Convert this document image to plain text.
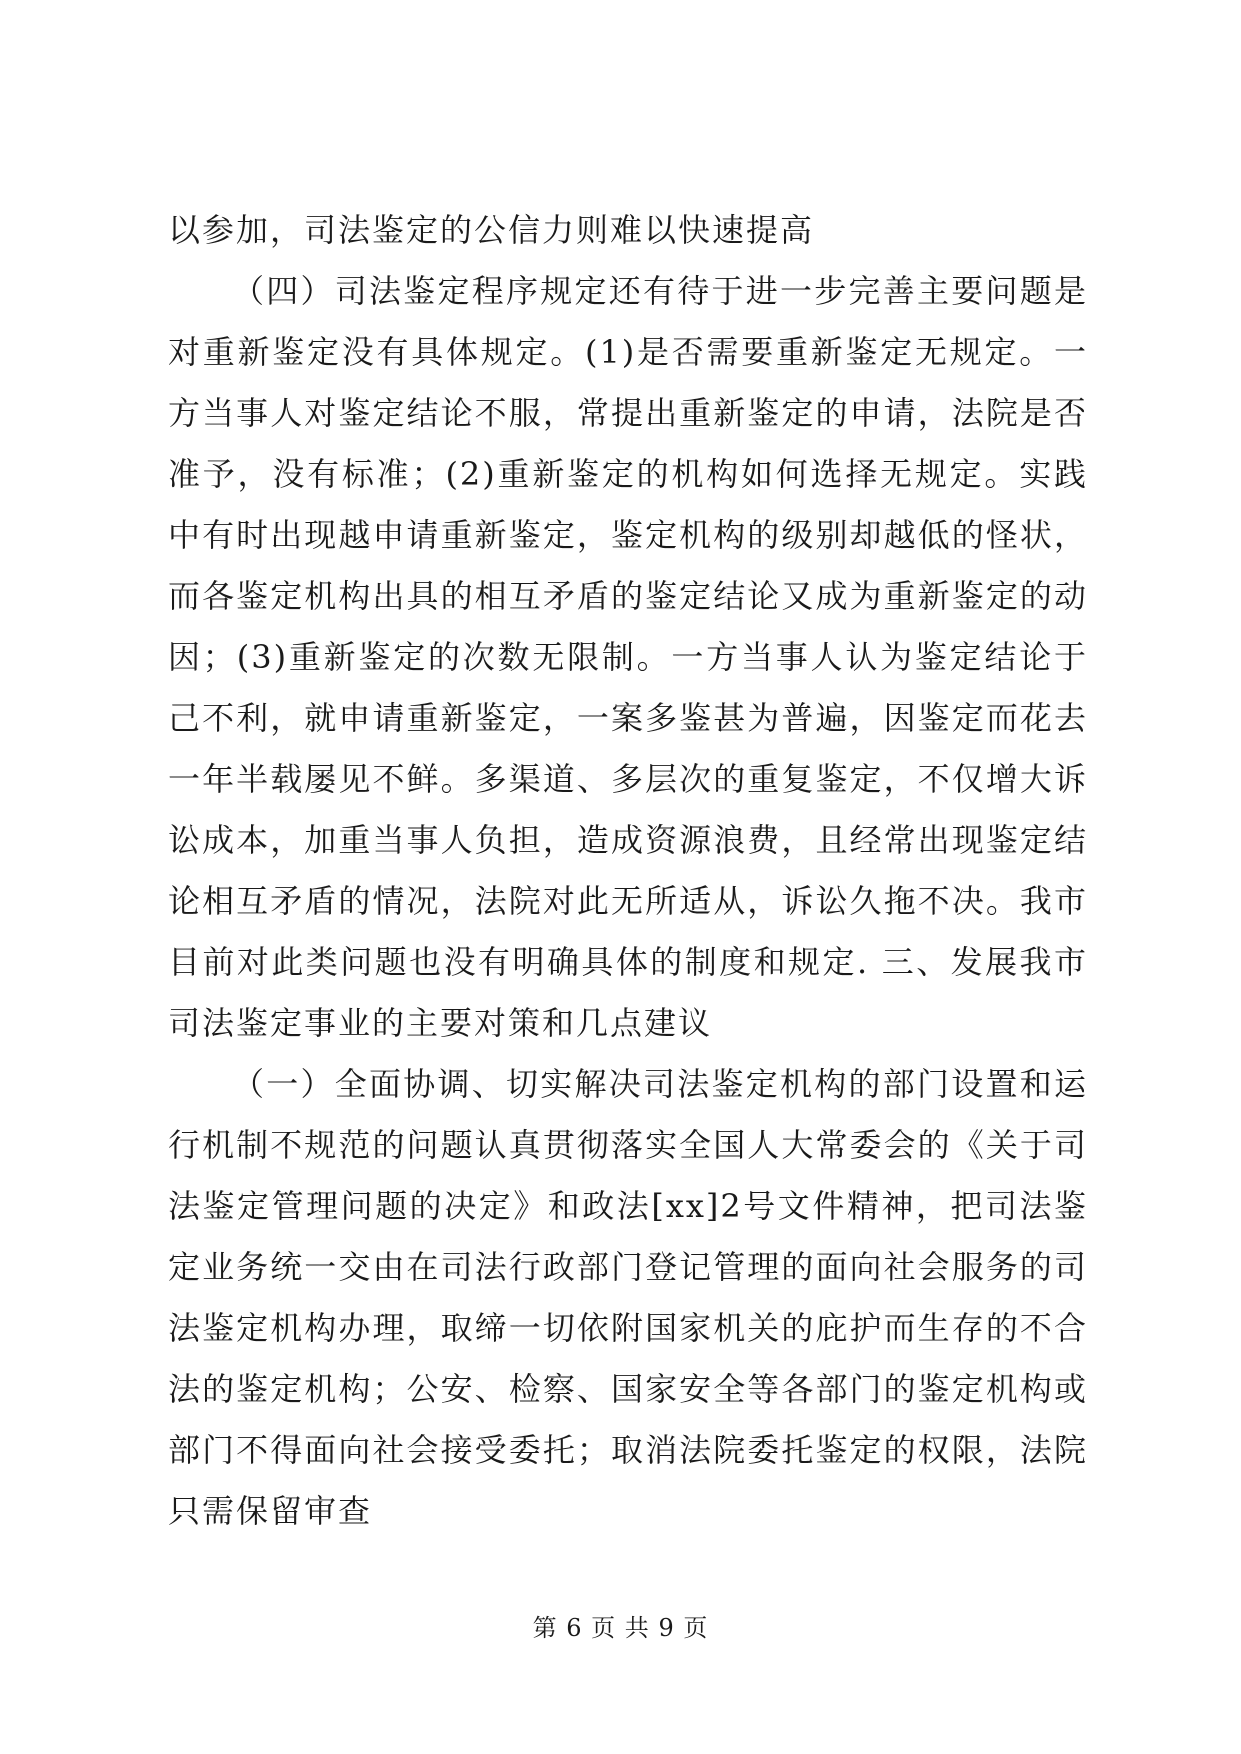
以参加，司法鉴定的公信力则难以快速提高

（四）司法鉴定程序规定还有待于进一步完善主要问题是对重新鉴定没有具体规定。(1)是否需要重新鉴定无规定。一方当事人对鉴定结论不服，常提出重新鉴定的申请，法院是否准予，没有标准；(2)重新鉴定的机构如何选择无规定。实践中有时出现越申请重新鉴定，鉴定机构的级别却越低的怪状，而各鉴定机构出具的相互矛盾的鉴定结论又成为重新鉴定的动因；(3)重新鉴定的次数无限制。一方当事人认为鉴定结论于己不利，就申请重新鉴定，一案多鉴甚为普遍，因鉴定而花去一年半载屡见不鲜。多渠道、多层次的重复鉴定，不仅增大诉讼成本，加重当事人负担，造成资源浪费，且经常出现鉴定结论相互矛盾的情况，法院对此无所适从，诉讼久拖不决。我市目前对此类问题也没有明确具体的制度和规定. 三、发展我市司法鉴定事业的主要对策和几点建议

（一）全面协调、切实解决司法鉴定机构的部门设置和运行机制不规范的问题认真贯彻落实全国人大常委会的《关于司法鉴定管理问题的决定》和政法[xx]2号文件精神，把司法鉴定业务统一交由在司法行政部门登记管理的面向社会服务的司法鉴定机构办理，取缔一切依附国家机关的庇护而生存的不合法的鉴定机构；公安、检察、国家安全等各部门的鉴定机构或部门不得面向社会接受委托；取消法院委托鉴定的权限，法院只需保留审查

第 6 页 共 9 页
